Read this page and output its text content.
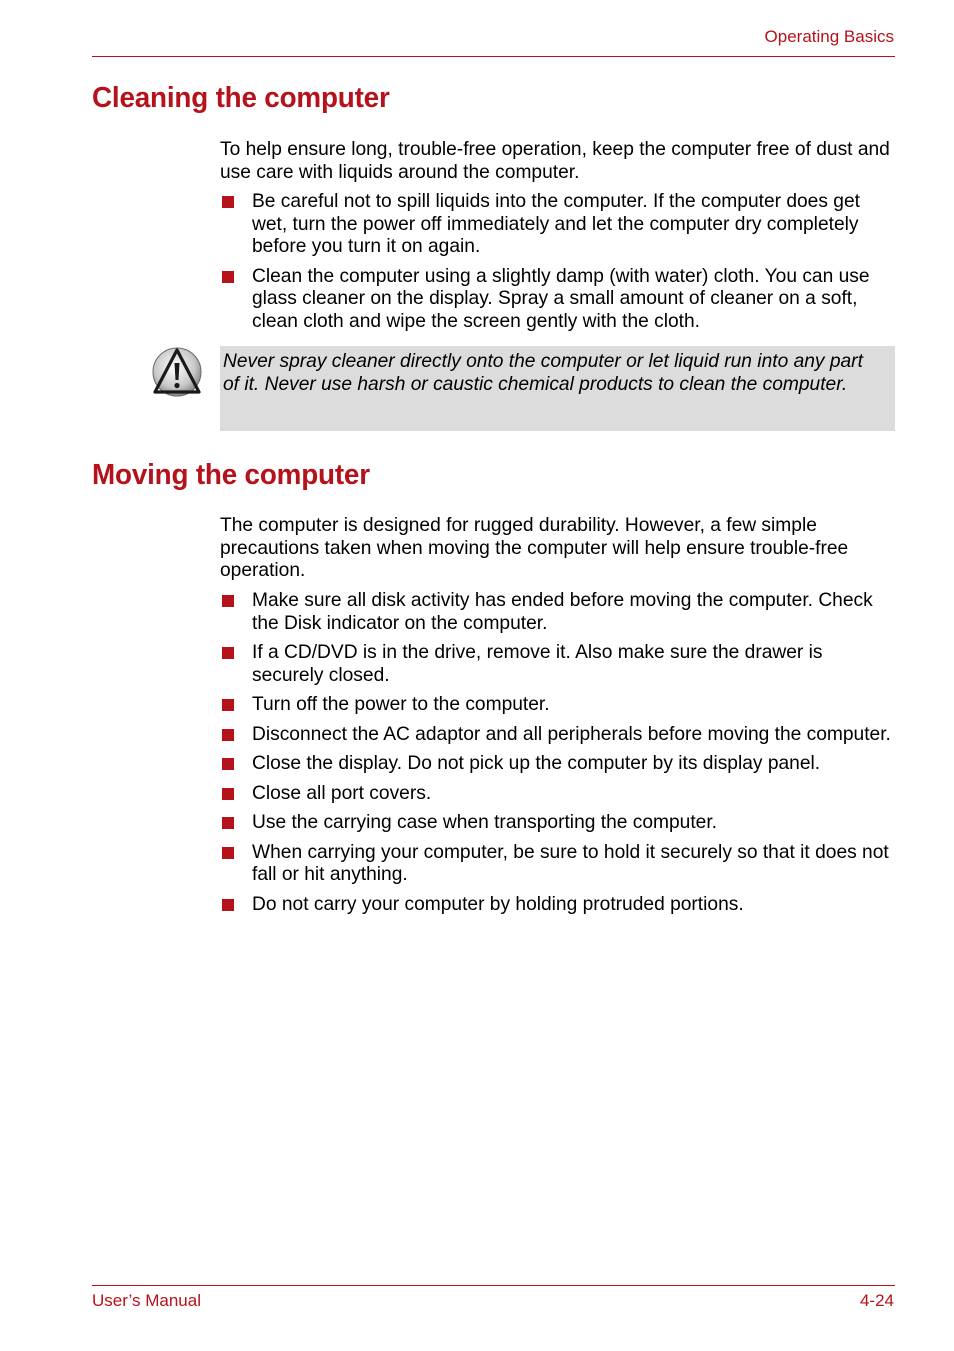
Operating Basics
Cleaning the computer

To help ensure long, trouble-free operation, keep the computer free of dust and use care with liquids around the computer.

Be careful not to spill liquids into the computer. If the computer does get wet, turn the power off immediately and let the computer dry completely before you turn it on again.
Clean the computer using a slightly damp (with water) cloth. You can use glass cleaner on the display. Spray a small amount of cleaner on a soft, clean cloth and wipe the screen gently with the cloth.

Never spray cleaner directly onto the computer or let liquid run into any part of it. Never use harsh or caustic chemical products to clean the computer.

Moving the computer

The computer is designed for rugged durability. However, a few simple precautions taken when moving the computer will help ensure trouble-free operation.

Make sure all disk activity has ended before moving the computer. Check the Disk indicator on the computer.
If a CD/DVD is in the drive, remove it. Also make sure the drawer is securely closed.
Turn off the power to the computer.
Disconnect the AC adaptor and all peripherals before moving the computer.
Close the display. Do not pick up the computer by its display panel.
Close all port covers.
Use the carrying case when transporting the computer.
When carrying your computer, be sure to hold it securely so that it does not fall or hit anything.
Do not carry your computer by holding protruded portions.
User’s Manual	4-24
